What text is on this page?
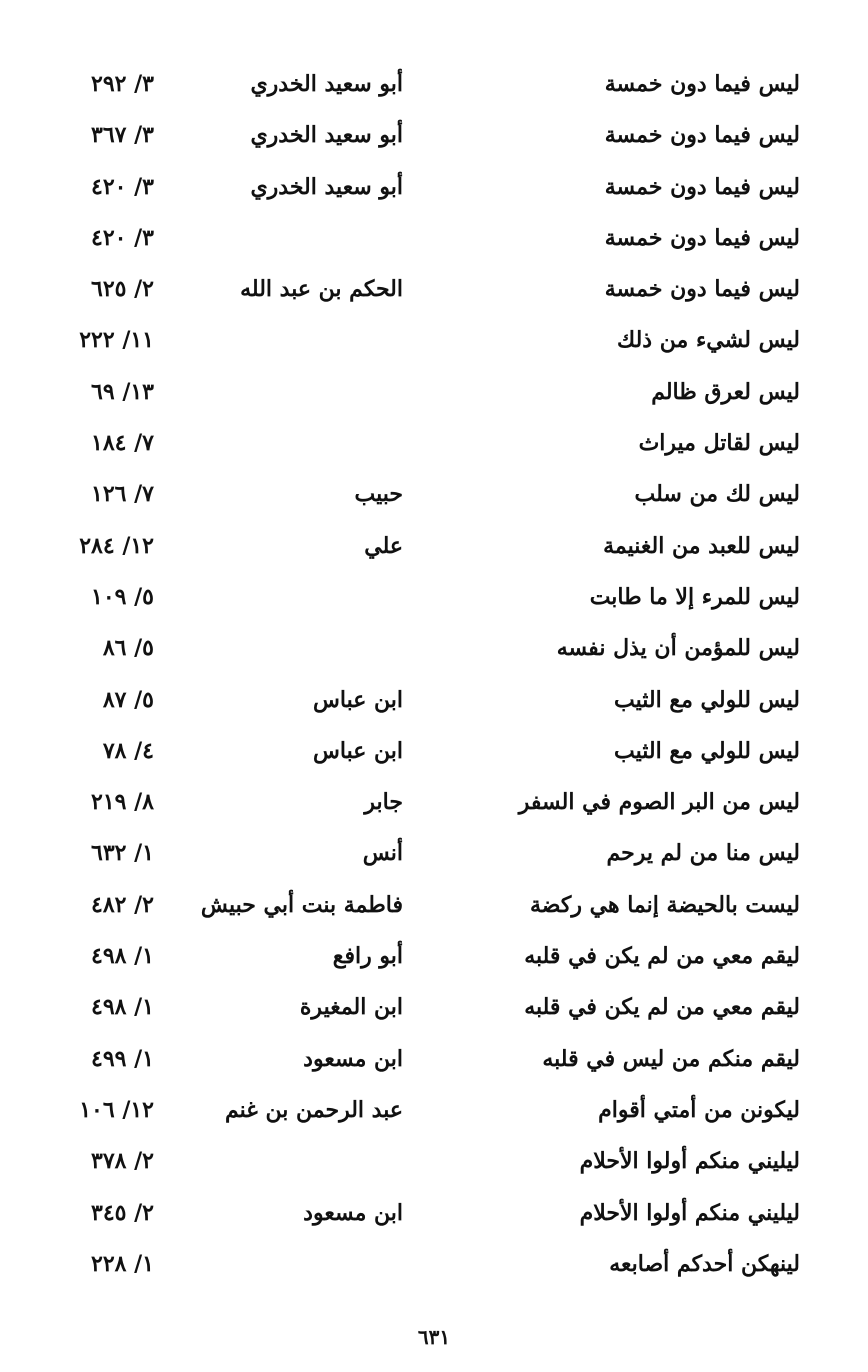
ليس فيما دون خمسة
أبو سعيد الخدري
٣/ ٢٩٢
ليس فيما دون خمسة
أبو سعيد الخدري
٣/ ٣٦٧
ليس فيما دون خمسة
أبو سعيد الخدري
٣/ ٤٢٠
ليس فيما دون خمسة
٣/ ٤٢٠
ليس فيما دون خمسة
الحكم بن عبد الله
٢/ ٦٢٥
ليس لشيء من ذلك
١١/ ٢٢٢
ليس لعرق ظالم
١٣/ ٦٩
ليس لقاتل ميراث
٧/ ١٨٤
ليس لك من سلب
حبيب
٧/ ١٢٦
ليس للعبد من الغنيمة
علي
١٢/ ٢٨٤
ليس للمرء إلا ما طابت
٥/ ١٠٩
ليس للمؤمن أن يذل نفسه
٥/ ٨٦
ليس للولي مع الثيب
ابن عباس
٥/ ٨٧
ليس للولي مع الثيب
ابن عباس
٤/ ٧٨
ليس من البر الصوم في السفر
جابر
٨/ ٢١٩
ليس منا من لم يرحم
أنس
١/ ٦٣٢
ليست بالحيضة إنما هي ركضة
فاطمة بنت أبي حبيش
٢/ ٤٨٢
ليقم معي من لم يكن في قلبه
أبو رافع
١/ ٤٩٨
ليقم معي من لم يكن في قلبه
ابن المغيرة
١/ ٤٩٨
ليقم منكم من ليس في قلبه
ابن مسعود
١/ ٤٩٩
ليكونن من أمتي أقوام
عبد الرحمن بن غنم
١٢/ ١٠٦
ليليني منكم أولوا الأحلام
٢/ ٣٧٨
ليليني منكم أولوا الأحلام
ابن مسعود
٢/ ٣٤٥
لينهكن أحدكم أصابعه
١/ ٢٢٨
٦٣١
